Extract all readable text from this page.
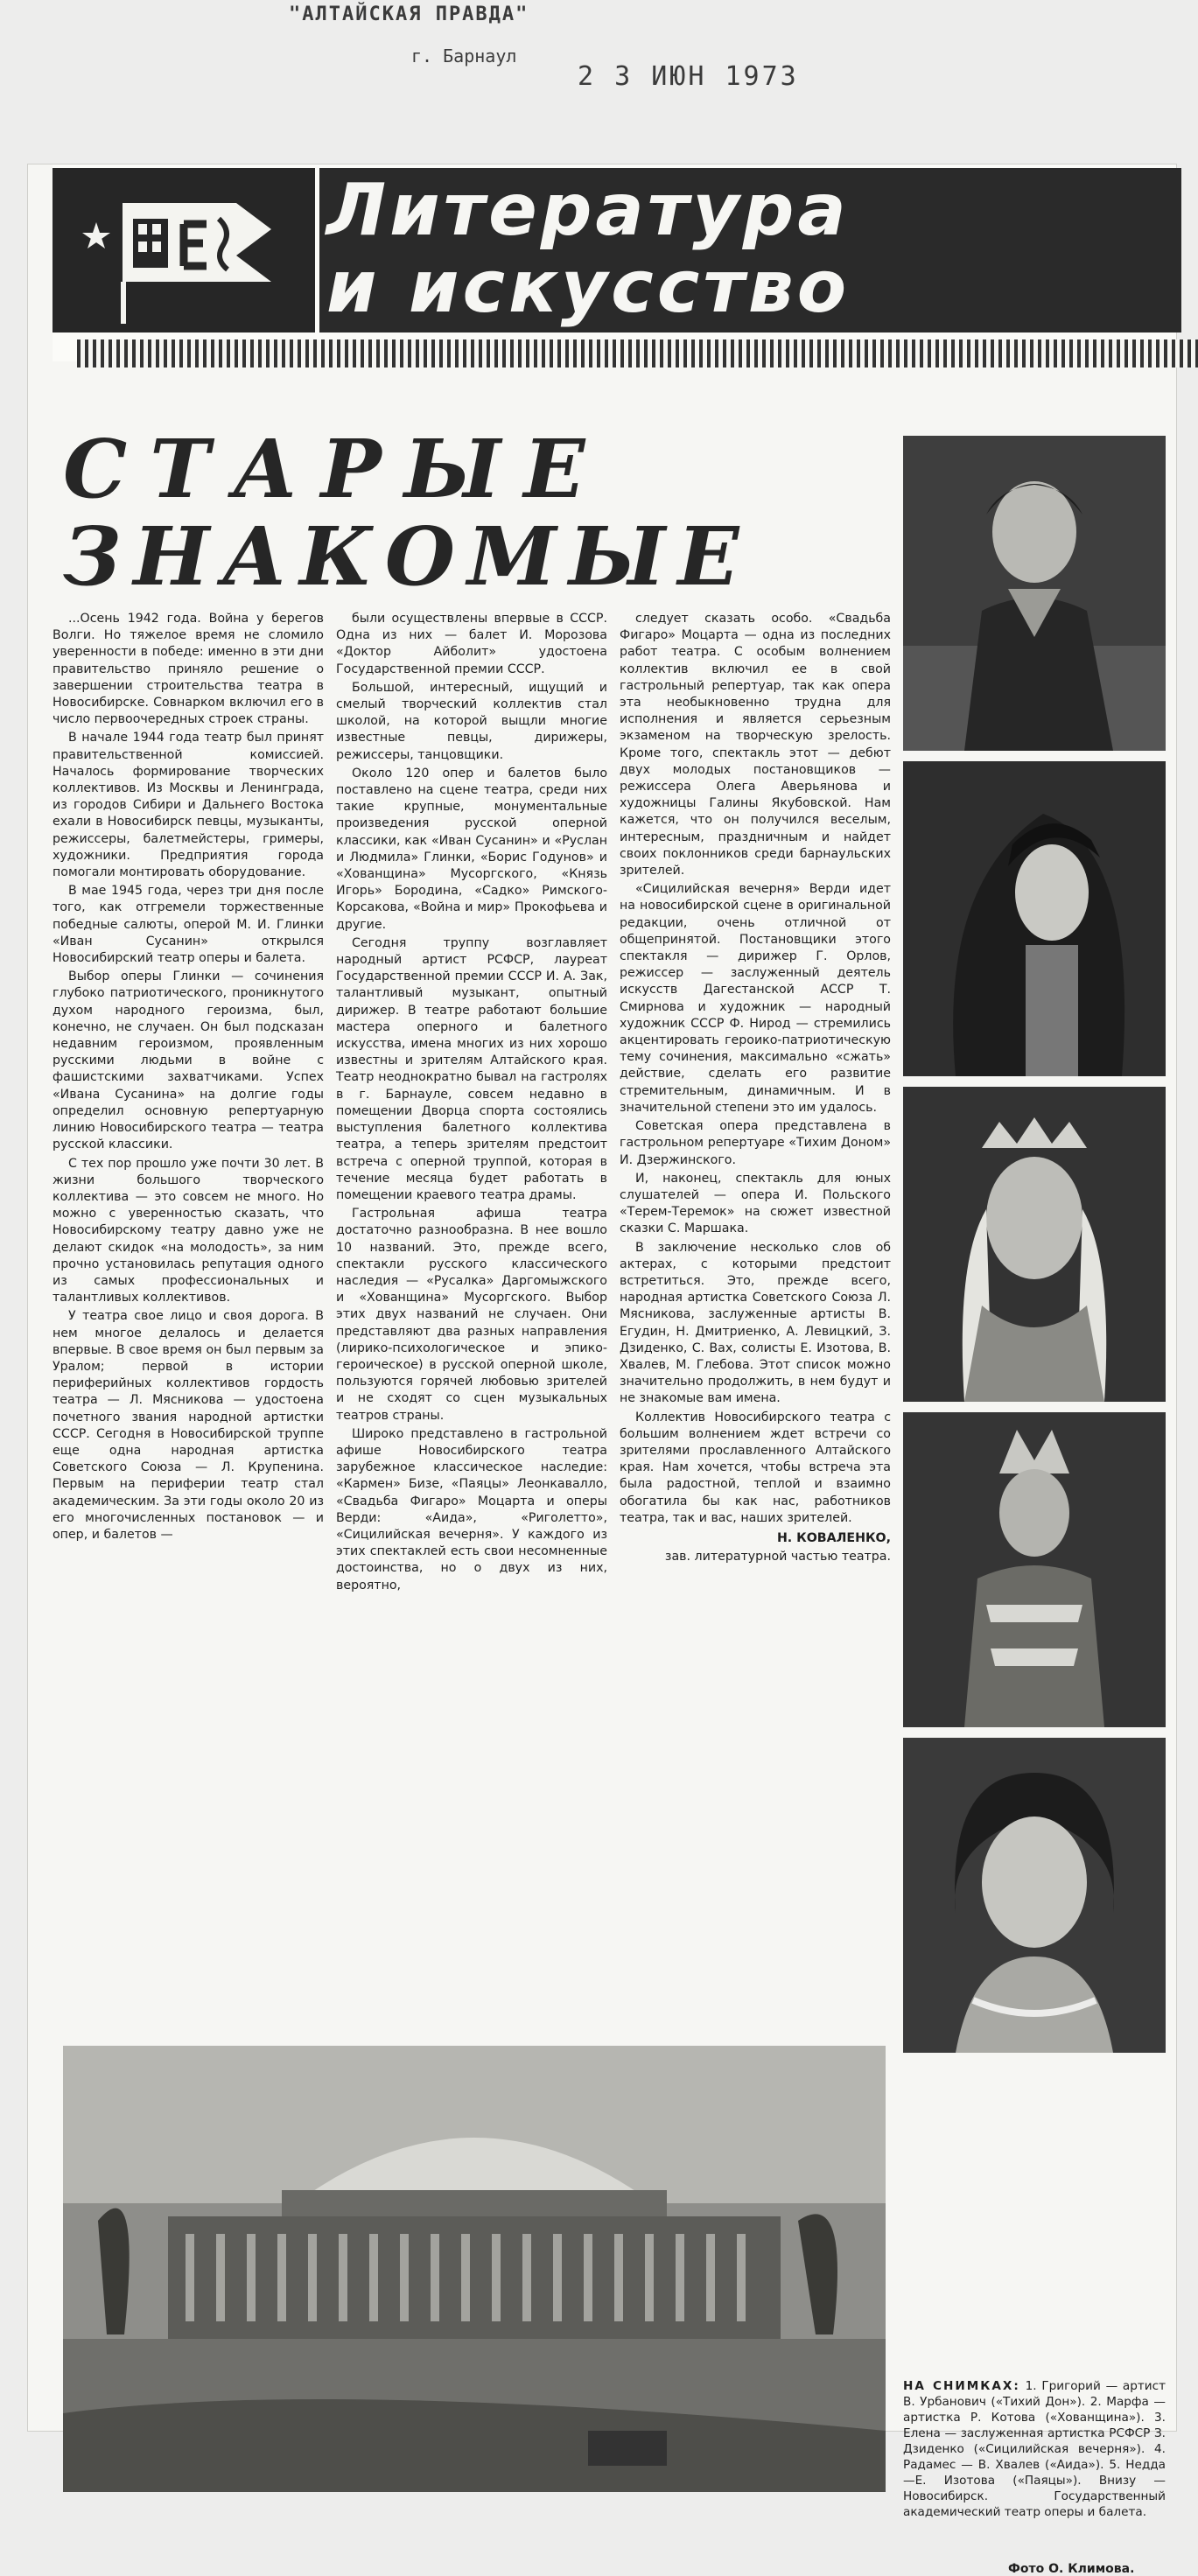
"АЛТАЙСКАЯ ПРАВДА"
г. Барнаул
2 3 ИЮН 1973
Литература
и искусство
СТАРЫЕ
ЗНАКОМЫЕ

...Осень 1942 года. Война у берегов Волги. Но тяжелое время не сломило уверенности в победе: именно в эти дни правительство приняло решение о завершении строительства театра в Новосибирске. Совнарком включил его в число первоочередных строек страны.

В начале 1944 года театр был принят правительственной комиссией. Началось формирование творческих коллективов. Из Москвы и Ленинграда, из городов Сибири и Дальнего Востока ехали в Новосибирск певцы, музыканты, режиссеры, балетмейстеры, гримеры, художники. Предприятия города помогали монтировать оборудование.

В мае 1945 года, через три дня после того, как отгремели торжественные победные салюты, оперой М. И. Глинки «Иван Сусанин» открылся Новосибирский театр оперы и балета.

Выбор оперы Глинки — сочинения глубоко патриотического, проникнутого духом народного героизма, был, конечно, не случаен. Он был подсказан недавним героизмом, проявленным русскими людьми в войне с фашистскими захватчиками. Успех «Ивана Сусанина» на долгие годы определил основную репертуарную линию Новосибирского театра — театра русской классики.

С тех пор прошло уже почти 30 лет. В жизни большого творческого коллектива — это совсем не много. Но можно с уверенностью сказать, что Новосибирскому театру давно уже не делают скидок «на молодость», за ним прочно установилась репутация одного из самых профессиональных и талантливых коллективов.

У театра свое лицо и своя дорога. В нем многое делалось и делается впервые. В свое время он был первым за Уралом; первой в истории периферийных коллективов гордость театра — Л. Мясникова — удостоена почетного звания народной артистки СССР. Сегодня в Новосибирской труппе еще одна народная артистка Советского Союза — Л. Крупенина. Первым на периферии театр стал академическим. За эти годы около 20 из его многочисленных постановок — и опер, и балетов —

были осуществлены впервые в СССР. Одна из них — балет И. Морозова «Доктор Айболит» удостоена Государственной премии СССР.

Большой, интересный, ищущий и смелый творческий коллектив стал школой, на которой выщли многие известные певцы, дирижеры, режиссеры, танцовщики.

Около 120 опер и балетов было поставлено на сцене театра, среди них такие крупные, монументальные произведения русской оперной классики, как «Иван Сусанин» и «Руслан и Людмила» Глинки, «Борис Годунов» и «Хованщина» Мусоргского, «Князь Игорь» Бородина, «Садко» Римского-Корсакова, «Война и мир» Прокофьева и другие.

Сегодня труппу возглавляет народный артист РСФСР, лауреат Государственной премии СССР И. А. Зак, талантливый музыкант, опытный дирижер. В театре работают большие мастера оперного и балетного искусства, имена многих из них хорошо известны и зрителям Алтайского края. Театр неоднократно бывал на гастролях в г. Барнауле, совсем недавно в помещении Дворца спорта состоялись выступления балетного коллектива театра, а теперь зрителям предстоит встреча с оперной труппой, которая в течение месяца будет работать в помещении краевого театра драмы.

Гастрольная афиша театра достаточно разнообразна. В нее вошло 10 названий. Это, прежде всего, спектакли русского классического наследия — «Русалка» Даргомыжского и «Хованщина» Мусоргского. Выбор этих двух названий не случаен. Они представляют два разных направления (лирико-психологическое и эпико-героическое) в русской оперной школе, пользуются горячей любовью зрителей и не сходят со сцен музыкальных театров страны.

Широко представлено в гастрольной афише Новосибирского театра зарубежное классическое наследие: «Кармен» Бизе, «Паяцы» Леонкавалло, «Свадьба Фигаро» Моцарта и оперы Верди: «Аида», «Риголетто», «Сицилийская вечерня». У каждого из этих спектаклей есть свои несомненные достоинства, но о двух из них, вероятно,

следует сказать особо. «Свадьба Фигаро» Моцарта — одна из последних работ театра. С особым волнением коллектив включил ее в свой гастрольный репертуар, так как опера эта необыкновенно трудна для исполнения и является серьезным экзаменом на творческую зрелость. Кроме того, спектакль этот — дебют двух молодых постановщиков — режиссера Олега Аверьянова и художницы Галины Якубовской. Нам кажется, что он получился веселым, интересным, праздничным и найдет своих поклонников среди барнаульских зрителей.

«Сицилийская вечерня» Верди идет на новосибирской сцене в оригинальной редакции, очень отличной от общепринятой. Постановщики этого спектакля — дирижер Г. Орлов, режиссер — заслуженный деятель искусств Дагестанской АССР Т. Смирнова и художник — народный художник СССР Ф. Нирод — стремились акцентировать героико-патриотическую тему сочинения, максимально «сжать» действие, сделать его развитие стремительным, динамичным. И в значительной степени это им удалось.

Советская опера представлена в гастрольном репертуаре «Тихим Доном» И. Дзержинского.

И, наконец, спектакль для юных слушателей — опера И. Польского «Терем-Теремок» на сюжет известной сказки С. Маршака.

В заключение несколько слов об актерах, с которыми предстоит встретиться. Это, прежде всего, народная артистка Советского Союза Л. Мясникова, заслуженные артисты В. Егудин, Н. Дмитриенко, А. Левицкий, З. Дзиденко, С. Вах, солисты Е. Изотова, В. Хвалев, М. Глебова. Этот список можно значительно продолжить, в нем будут и не знакомые вам имена.

Коллектив Новосибирского театра с большим волнением ждет встречи со зрителями прославленного Алтайского края. Нам хочется, чтобы встреча эта была радостной, теплой и взаимно обогатила бы как нас, работников театра, так и вас, наших зрителей.

Н. КОВАЛЕНКО,

зав. литературной частью театра.

НА СНИМКАХ: 1. Григорий — артист В. Урбанович («Тихий Дон»). 2. Марфа — артистка Р. Котова («Хованщина»). 3. Елена — заслуженная артистка РСФСР З. Дзиденко («Сицилийская вечерня»). 4. Радамес — В. Хвалев («Аида»). 5. Недда—Е. Изотова («Паяцы»). Внизу — Новосибирск. Государственный академический театр оперы и балета.
Фото О. Климова.
